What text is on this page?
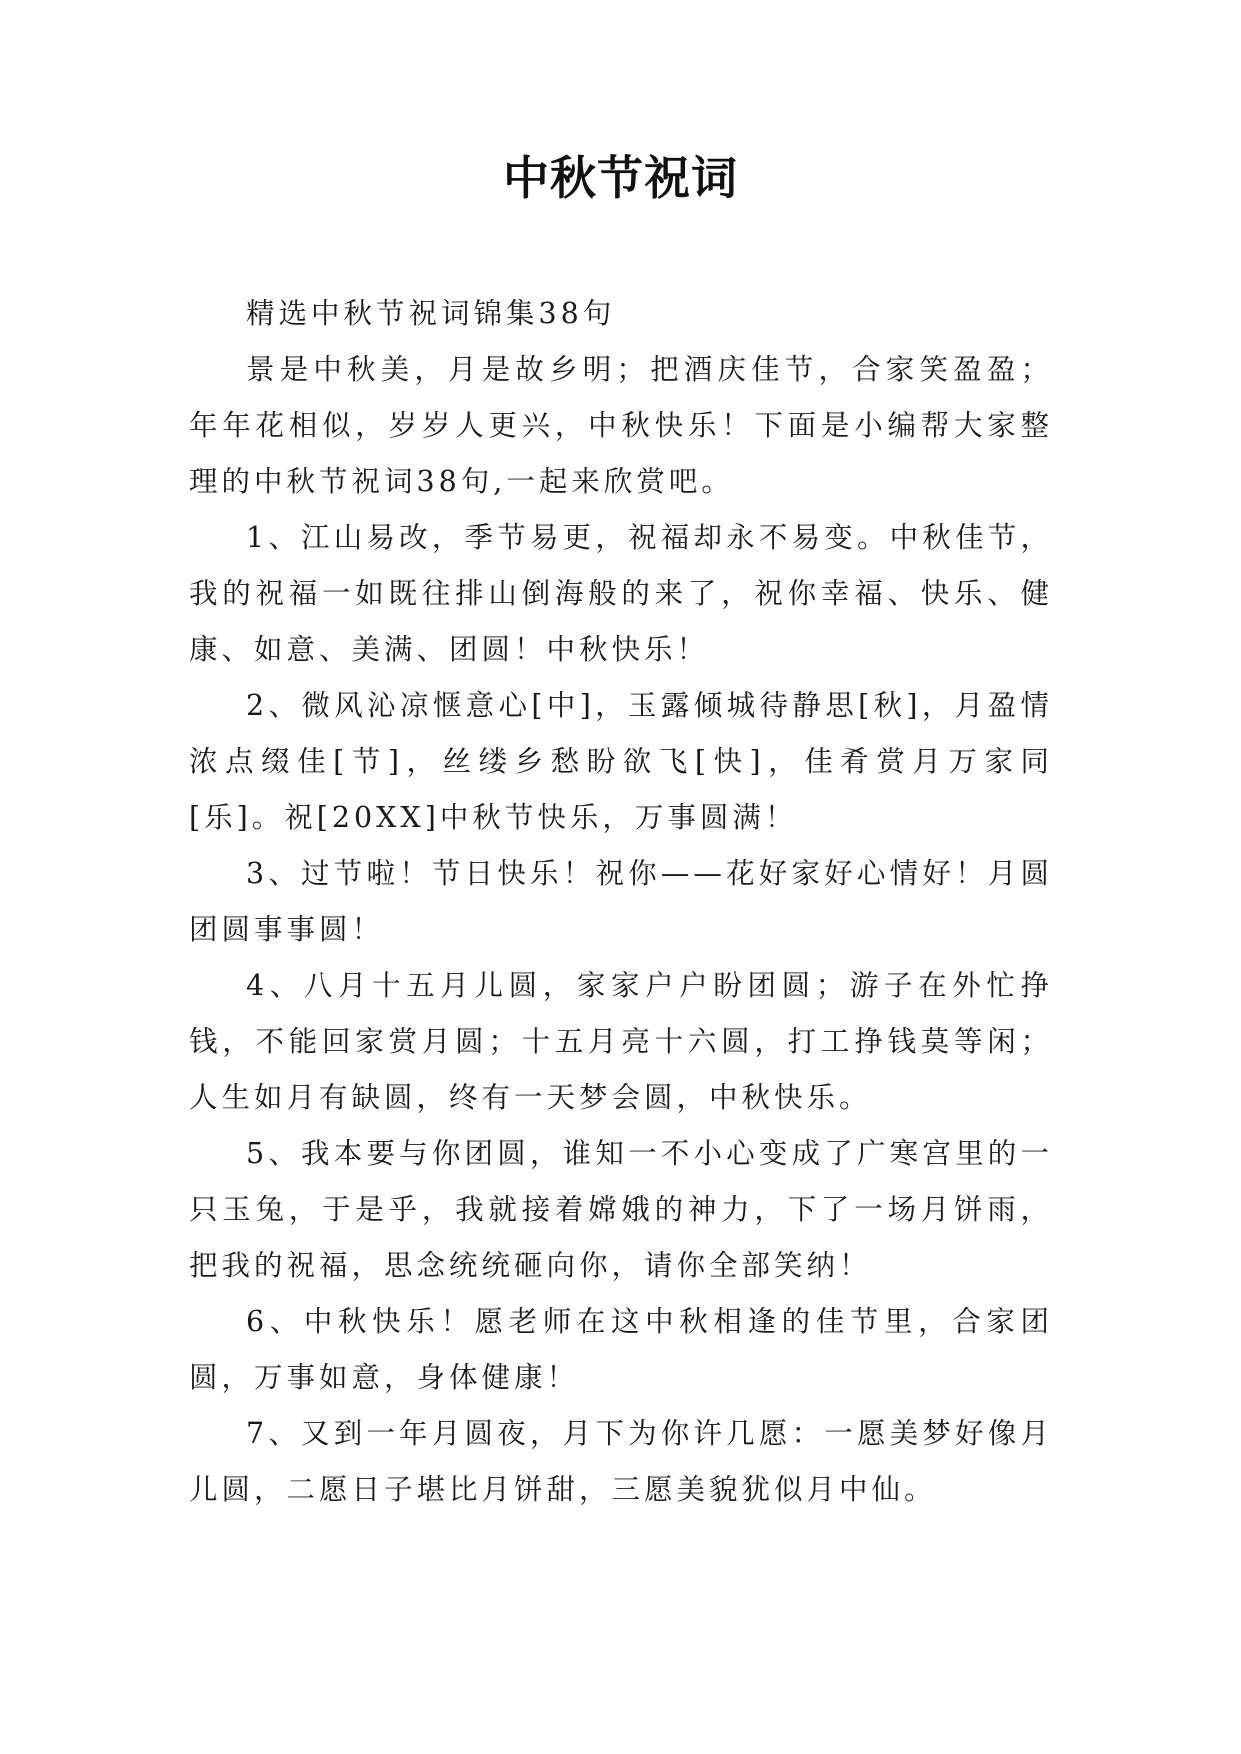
中秋节祝词

精选中秋节祝词锦集38句

景是中秋美，月是故乡明；把酒庆佳节，合家笑盈盈；年年花相似，岁岁人更兴，中秋快乐！下面是小编帮大家整理的中秋节祝词38句,一起来欣赏吧。

1、江山易改，季节易更，祝福却永不易变。中秋佳节，我的祝福一如既往排山倒海般的来了，祝你幸福、快乐、健康、如意、美满、团圆！中秋快乐！

2、微风沁凉惬意心[中]，玉露倾城待静思[秋]，月盈情浓点缀佳[节]，丝缕乡愁盼欲飞[快]，佳肴赏月万家同[乐]。祝[20XX]中秋节快乐，万事圆满！

3、过节啦！节日快乐！祝你——花好家好心情好！月圆团圆事事圆！

4、八月十五月儿圆，家家户户盼团圆；游子在外忙挣钱，不能回家赏月圆；十五月亮十六圆，打工挣钱莫等闲；人生如月有缺圆，终有一天梦会圆，中秋快乐。

5、我本要与你团圆，谁知一不小心变成了广寒宫里的一只玉兔，于是乎，我就接着嫦娥的神力，下了一场月饼雨，把我的祝福，思念统统砸向你，请你全部笑纳！

6、中秋快乐！愿老师在这中秋相逢的佳节里，合家团圆，万事如意，身体健康！

7、又到一年月圆夜，月下为你许几愿：一愿美梦好像月儿圆，二愿日子堪比月饼甜，三愿美貌犹似月中仙。
